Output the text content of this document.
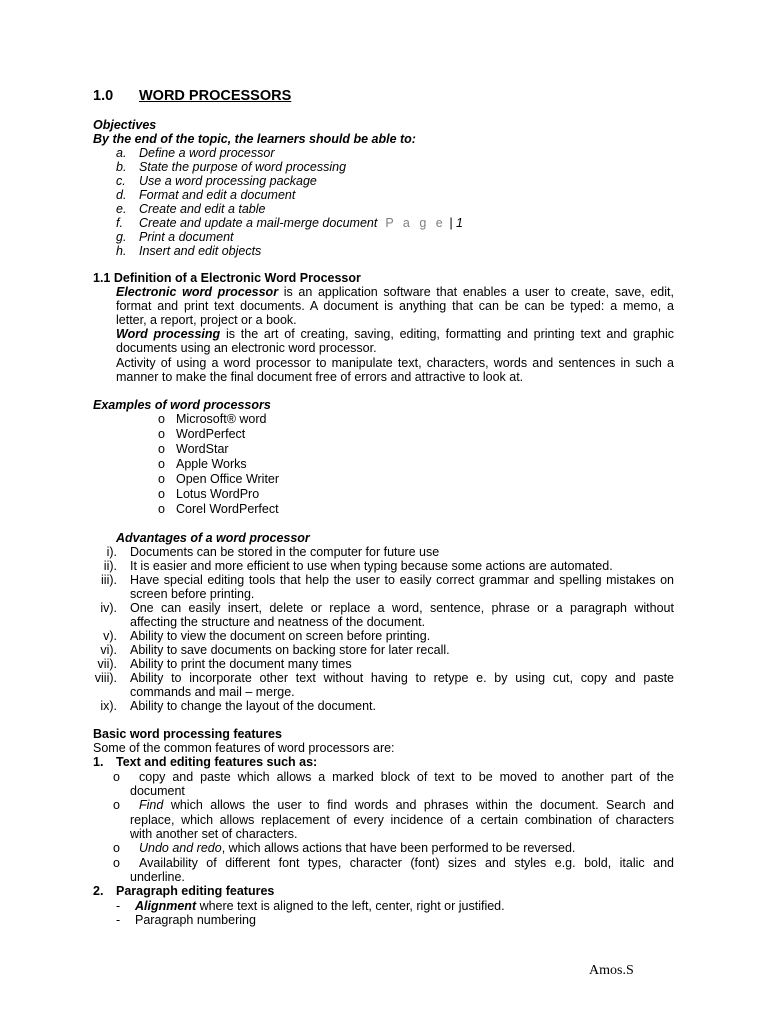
1.0 WORD PROCESSORS
Objectives
By the end of the topic, the learners should be able to:
a. Define a word processor
b. State the purpose of word processing
c. Use a word processing package
d. Format and edit a document
e. Create and edit a table
f. Create and update a mail-merge document P a g e | 1
g. Print a document
h. Insert and edit objects
1.1 Definition of a Electronic Word Processor
Electronic word processor is an application software that enables a user to create, save, edit,
format and print text documents. A document is anything that can be can be typed: a memo, a
letter, a report, project or a book.
Word processing is the art of creating, saving, editing, formatting and printing text and graphic
documents using an electronic word processor.
Activity of using a word processor to manipulate text, characters, words and sentences in such a
manner to make the final document free of errors and attractive to look at.
Examples of word processors
o Microsoft® word
o WordPerfect
o WordStar
o Apple Works
o Open Office Writer
o Lotus WordPro
o Corel WordPerfect
Advantages of a word processor
i). Documents can be stored in the computer for future use
ii). It is easier and more efficient to use when typing because some actions are automated.
iii). Have special editing tools that help the user to easily correct grammar and spelling mistakes on
screen before printing.
iv). One can easily insert, delete or replace a word, sentence, phrase or a paragraph without
affecting the structure and neatness of the document.
v). Ability to view the document on screen before printing.
vi). Ability to save documents on backing store for later recall.
vii). Ability to print the document many times
viii). Ability to incorporate other text without having to retype e. by using cut, copy and paste
commands and mail – merge.
ix). Ability to change the layout of the document.
Basic word processing features
Some of the common features of word processors are:
1. Text and editing features such as:
o copy and paste which allows a marked block of text to be moved to another part of the
document
o Find which allows the user to find words and phrases within the document. Search and
replace, which allows replacement of every incidence of a certain combination of characters
with another set of characters.
o Undo and redo, which allows actions that have been performed to be reversed.
o Availability of different font types, character (font) sizes and styles e.g. bold, italic and
underline.
2. Paragraph editing features
- Alignment where text is aligned to the left, center, right or justified.
- Paragraph numbering
Amos.S
